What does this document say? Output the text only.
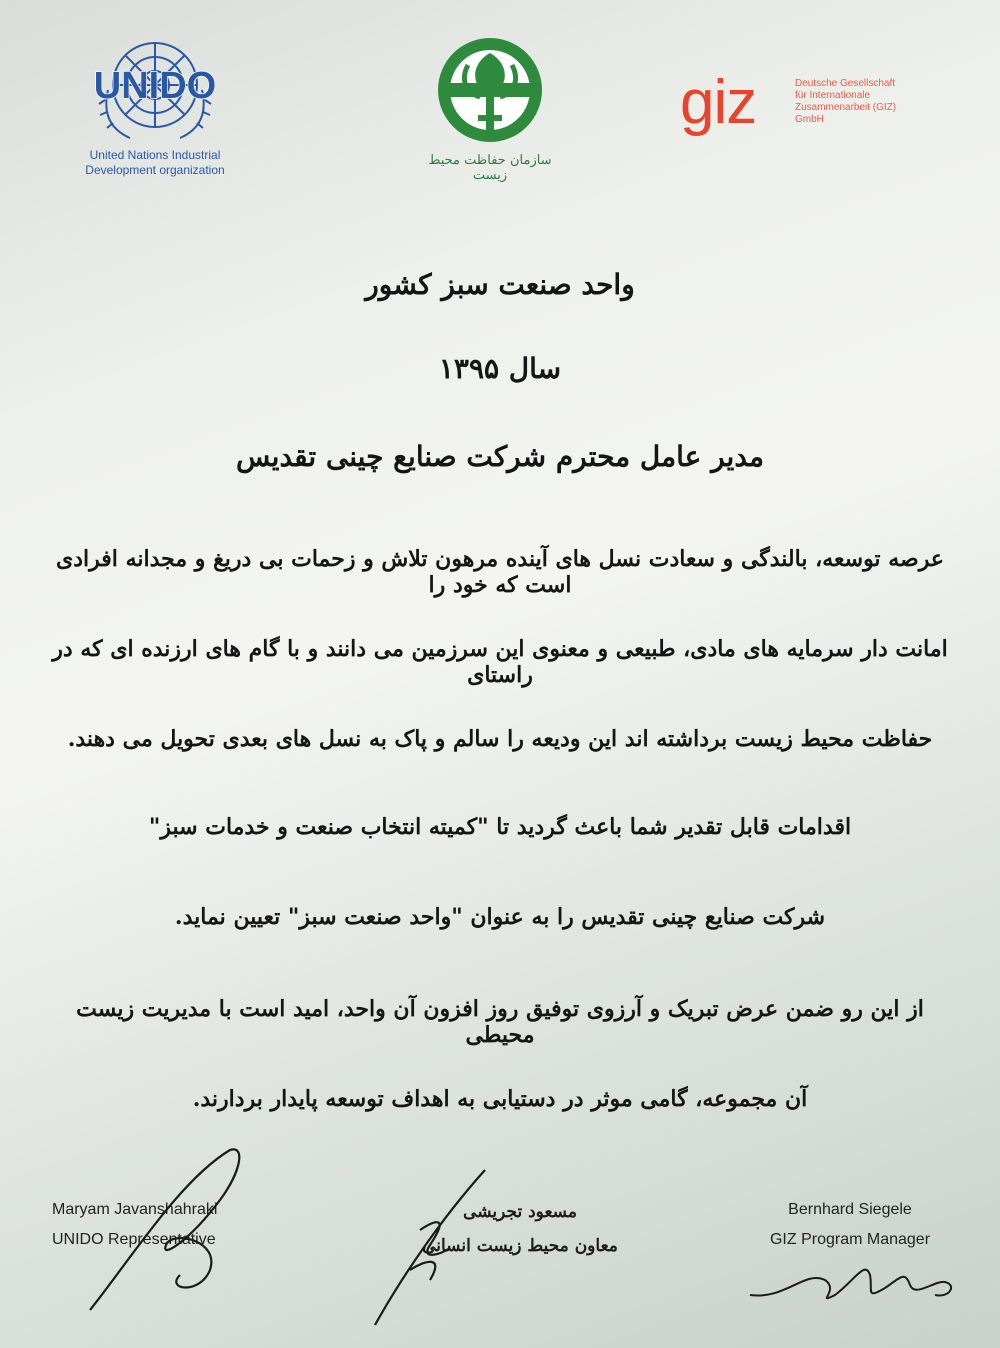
UNIDO
United Nations Industrial
Development organization
سازمان حفاظت محیط زیست
giz	Deutsche Gesellschaft
für Internationale
Zusammenarbeit (GIZ)
GmbH
واحد صنعت سبز کشور
سال ۱۳۹۵
مدیر عامل محترم شرکت صنایع چینی تقدیس
عرصه توسعه، بالندگی و سعادت نسل های آینده مرهون تلاش و زحمات بی دریغ و مجدانه افرادی است که خود را
امانت دار سرمایه های مادی، طبیعی و معنوی این سرزمین می دانند و با گام های ارزنده ای که در راستای
حفاظت محیط زیست برداشته اند این ودیعه را سالم و پاک به نسل های بعدی تحویل می دهند.
اقدامات قابل تقدیر شما باعث گردید تا "کمیته انتخاب صنعت و خدمات سبز"
شرکت صنایع چینی تقدیس را به عنوان "واحد صنعت سبز" تعیین نماید.
از این رو ضمن عرض تبریک و آرزوی توفیق روز افزون آن واحد، امید است با مدیریت زیست محیطی
آن مجموعه، گامی موثر در دستیابی به اهداف توسعه پایدار بردارند.
Maryam Javanshahraki
UNIDO Representative
مسعود تجریشی
معاون محیط زیست انسانی
Bernhard Siegele
GIZ Program Manager
